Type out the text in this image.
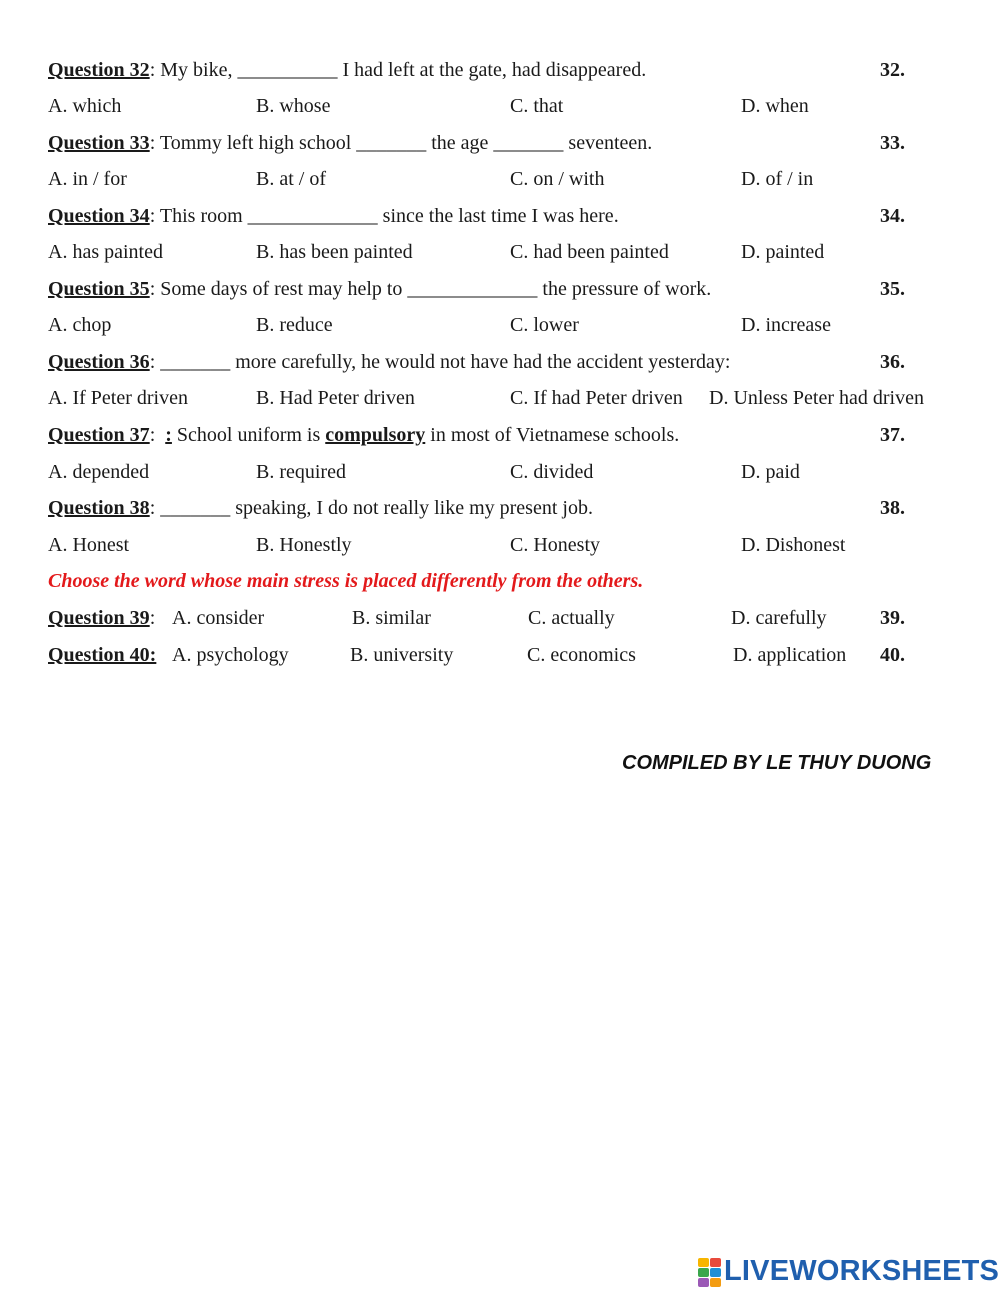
Question 32: My bike, __________ I had left at the gate, had disappeared.	32.
A. which	B. whose	C. that	D. when
Question 33: Tommy left high school _______ the age _______ seventeen.	33.
A. in / for	B. at / of	C. on / with	D. of / in
Question 34: This room _____________ since the last time I was here.	34.
A. has painted	B. has been painted	C. had been painted	D. painted
Question 35: Some days of rest may help to _____________ the pressure of work.	35.
A. chop	B. reduce	C. lower	D. increase
Question 36: _______ more carefully, he would not have had the accident yesterday:	36.
A. If Peter driven	B. Had Peter driven	C. If had Peter driven D. Unless Peter had driven
Question 37: : School uniform is compulsory in most of Vietnamese schools.	37.
A. depended	B. required	C. divided	D. paid
Question 38: _______ speaking, I do not really like my present job.	38.
A. Honest	B. Honestly	C. Honesty	D. Dishonest
Choose the word whose main stress is placed differently from the others.
Question 39: A. consider	B. similar	C. actually	D. carefully	39.
Question 40: A. psychology	B. university	C. economics	D. application 40.
COMPILED BY LE THUY DUONG
LIVEWORKSHEETS
